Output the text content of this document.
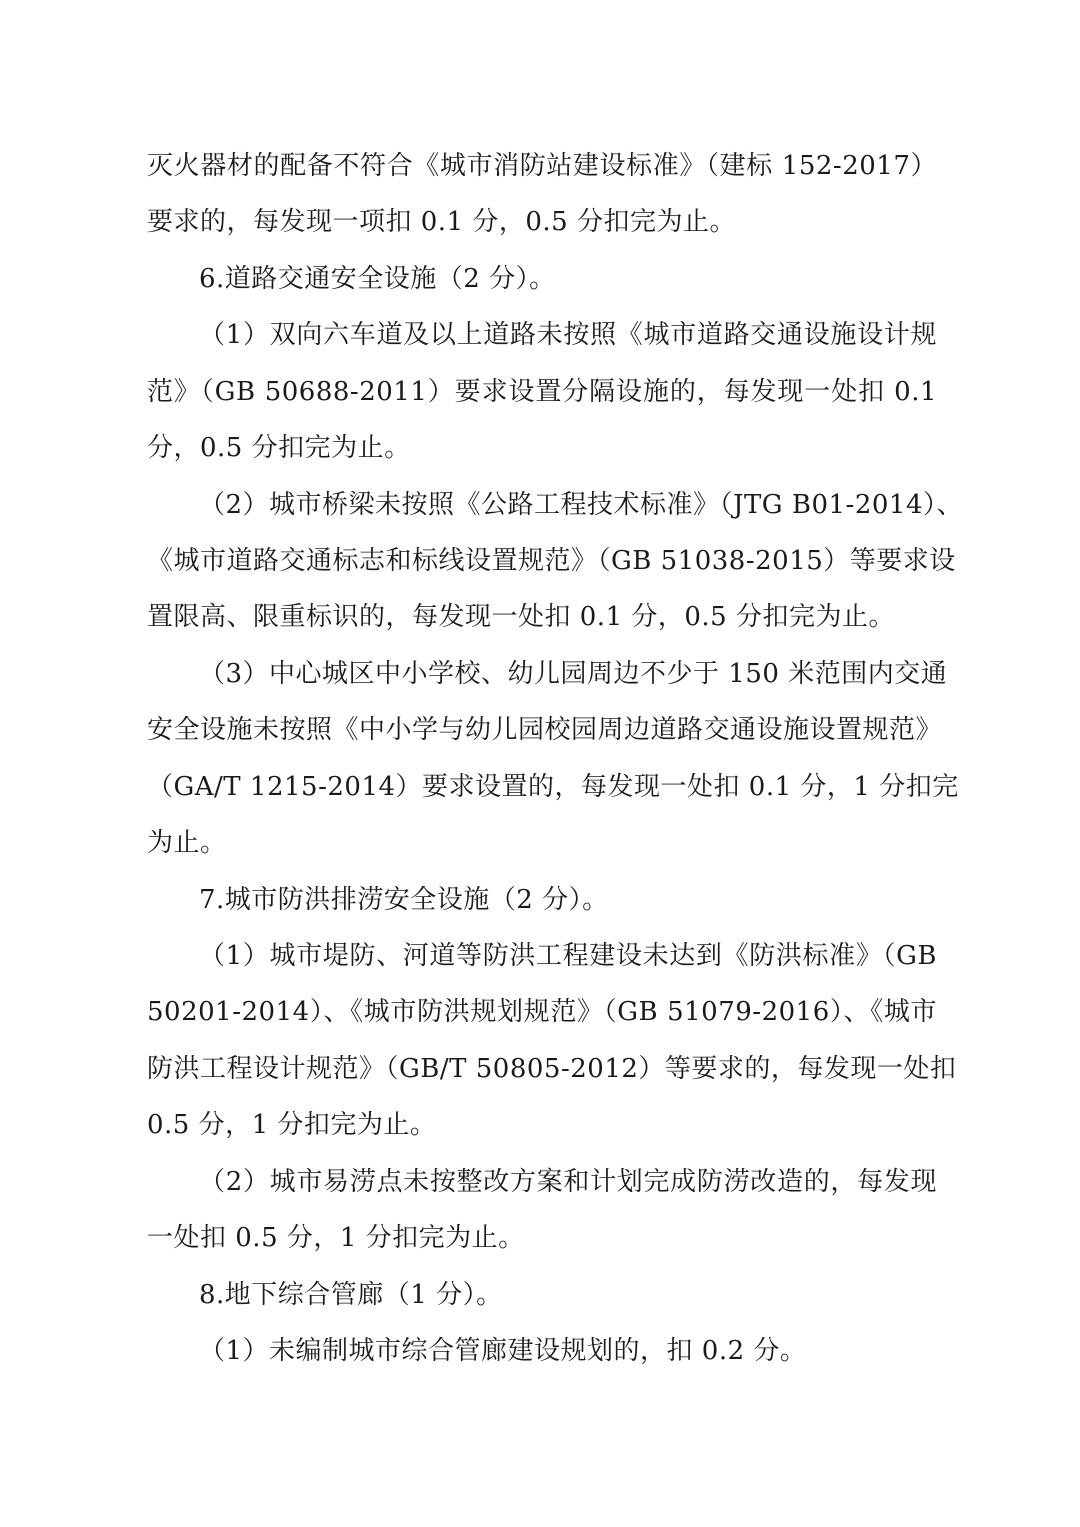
灭火器材的配备不符合《城市消防站建设标准》（建标 152-2017）
要求的，每发现一项扣 0.1 分，0.5 分扣完为止。
6.道路交通安全设施（2 分）。
（1）双向六车道及以上道路未按照《城市道路交通设施设计规
范》（GB 50688-2011）要求设置分隔设施的，每发现一处扣 0.1
分，0.5 分扣完为止。
（2）城市桥梁未按照《公路工程技术标准》（JTG B01-2014）、
《城市道路交通标志和标线设置规范》（GB 51038-2015）等要求设
置限高、限重标识的，每发现一处扣 0.1 分，0.5 分扣完为止。
（3）中心城区中小学校、幼儿园周边不少于 150 米范围内交通
安全设施未按照《中小学与幼儿园校园周边道路交通设施设置规范》
（GA/T 1215-2014）要求设置的，每发现一处扣 0.1 分，1 分扣完
为止。
7.城市防洪排涝安全设施（2 分）。
（1）城市堤防、河道等防洪工程建设未达到《防洪标准》（GB
50201-2014）、《城市防洪规划规范》（GB 51079-2016）、《城市
防洪工程设计规范》（GB/T 50805-2012）等要求的，每发现一处扣
0.5 分，1 分扣完为止。
（2）城市易涝点未按整改方案和计划完成防涝改造的，每发现
一处扣 0.5 分，1 分扣完为止。
8.地下综合管廊（1 分）。
（1）未编制城市综合管廊建设规划的，扣 0.2 分。
